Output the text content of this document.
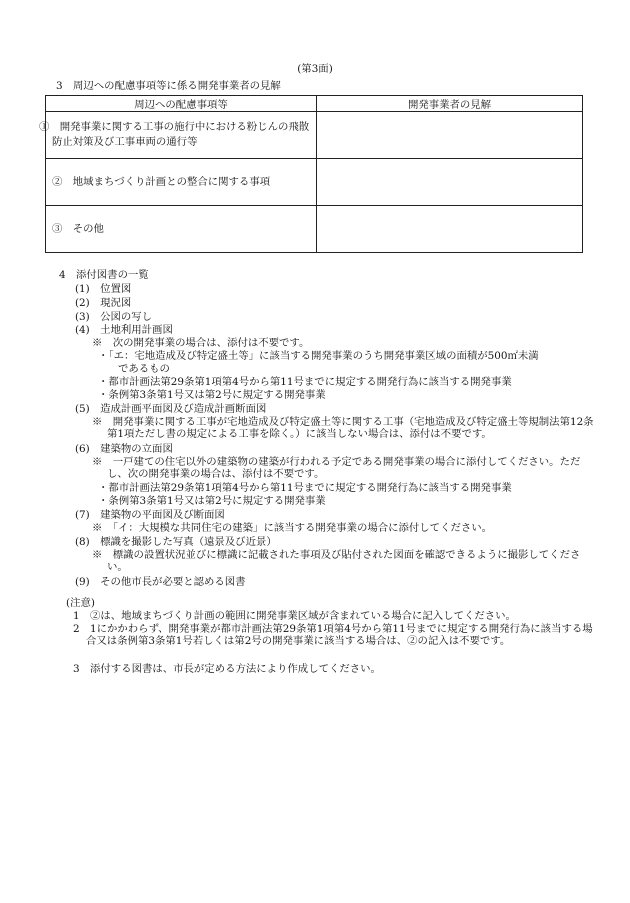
(第3面)
3　周辺への配慮事項等に係る開発事業者の見解
周辺への配慮事項等	開発事業者の見解
①　開発事業に関する工事の施行中における粉じんの飛散防止対策及び工事車両の通行等	
②　地域まちづくり計画との整合に関する事項	
③　その他	
4　添付図書の一覧
(1)　位置図
(2)　現況図
(3)　公図の写し
(4)　土地利用計画図
※　次の開発事業の場合は、添付は不要です。
・「エ：宅地造成及び特定盛土等」に該当する開発事業のうち開発事業区域の面積が500㎡未満
であるもの
・都市計画法第29条第1項第4号から第11号までに規定する開発行為に該当する開発事業
・条例第3条第1号又は第2号に規定する開発事業
(5)　造成計画平面図及び造成計画断面図
※　開発事業に関する工事が宅地造成及び特定盛土等に関する工事（宅地造成及び特定盛土等規制法第12条第1項ただし書の規定による工事を除く。）に該当しない場合は、添付は不要です。
(6)　建築物の立面図
※　一戸建ての住宅以外の建築物の建築が行われる予定である開発事業の場合に添付してください。ただし、次の開発事業の場合は、添付は不要です。
・都市計画法第29条第1項第4号から第11号までに規定する開発行為に該当する開発事業
・条例第3条第1号又は第2号に規定する開発事業
(7)　建築物の平面図及び断面図
※　「イ：大規模な共同住宅の建築」に該当する開発事業の場合に添付してください。
(8)　標識を撮影した写真（遠景及び近景）
※　標識の設置状況並びに標識に記載された事項及び貼付された図面を確認できるように撮影してください。
(9)　その他市長が必要と認める図書
(注意)
1　②は、地域まちづくり計画の範囲に開発事業区域が含まれている場合に記入してください。
2　1にかかわらず、開発事業が都市計画法第29条第1項第4号から第11号までに規定する開発行為に該当する場合又は条例第3条第1号若しくは第2号の開発事業に該当する場合は、②の記入は不要です。
3　添付する図書は、市長が定める方法により作成してください。
